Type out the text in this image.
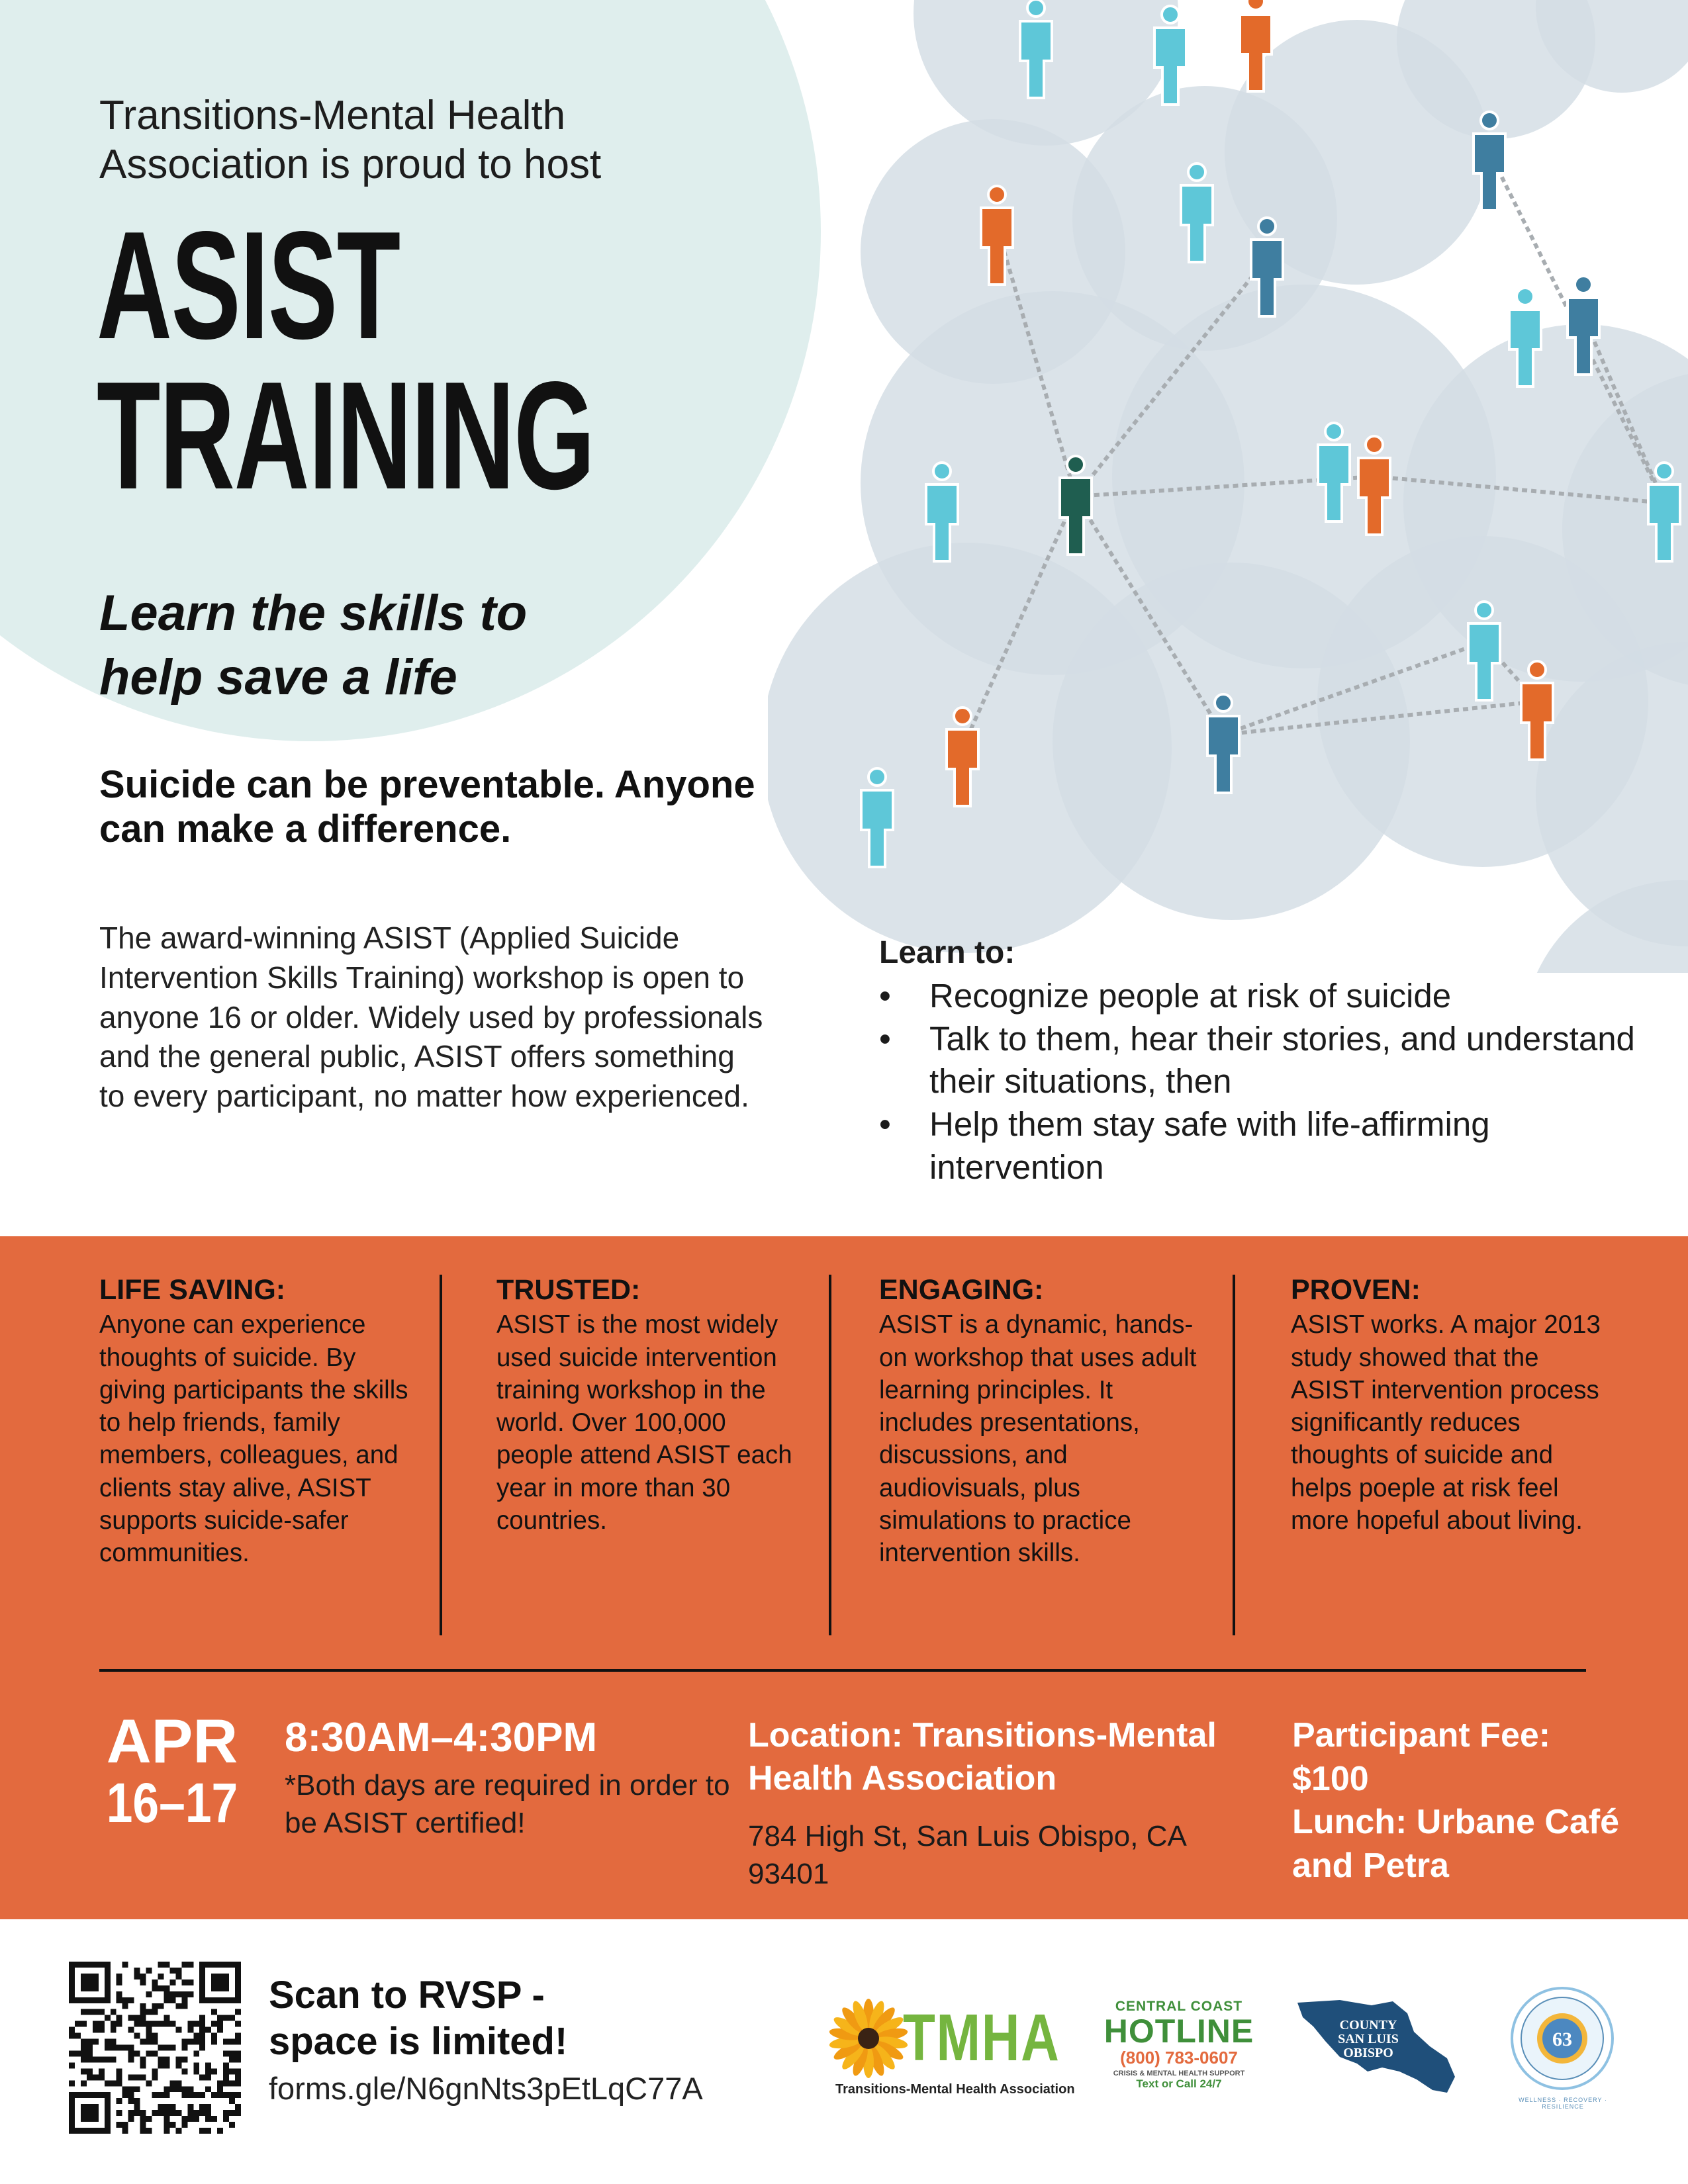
Transitions-Mental Health Association is proud to host
ASIST
TRAINING
Learn the skills to
help save a life
Suicide can be preventable. Anyone can make a difference.
The award-winning ASIST (Applied Suicide Intervention Skills Training) workshop is open to anyone 16 or older. Widely used by professionals and the general public, ASIST offers something to every participant, no matter how experienced.
Learn to:
• Recognize people at risk of suicide
• Talk to them, hear their stories, and understand their situations, then
• Help them stay safe with life-affirming intervention
LIFE SAVING:
Anyone can experience thoughts of suicide. By giving participants the skills to help friends, family members, colleagues, and clients stay alive, ASIST supports suicide-safer communities.
TRUSTED:
ASIST is the most widely used suicide intervention training workshop in the world. Over 100,000 people attend ASIST each year in more than 30 countries.
ENGAGING:
ASIST is a dynamic, hands-on workshop that uses adult learning principles. It includes presentations, discussions, and audiovisuals, plus simulations to practice intervention skills.
PROVEN:
ASIST works. A major 2013 study showed that the ASIST intervention process significantly reduces thoughts of suicide and helps poeple at risk feel more hopeful about living.
APR
16–17
8:30AM–4:30PM
*Both days are required in order to be ASIST certified!
Location: Transitions-Mental Health Association
784 High St, San Luis Obispo, CA 93401
Participant Fee:
$100
Lunch: Urbane Café and Petra
Scan to RVSP -
space is limited!
forms.gle/N6gnNts3pEtLqC77A
TMHA
Transitions-Mental Health Association
CENTRAL COAST
HOTLINE
(800) 783-0607
CRISIS & MENTAL HEALTH SUPPORT
Text or Call 24/7
COUNTY
SAN LUIS
OBISPO
63
WELLNESS · RECOVERY · RESILIENCE
